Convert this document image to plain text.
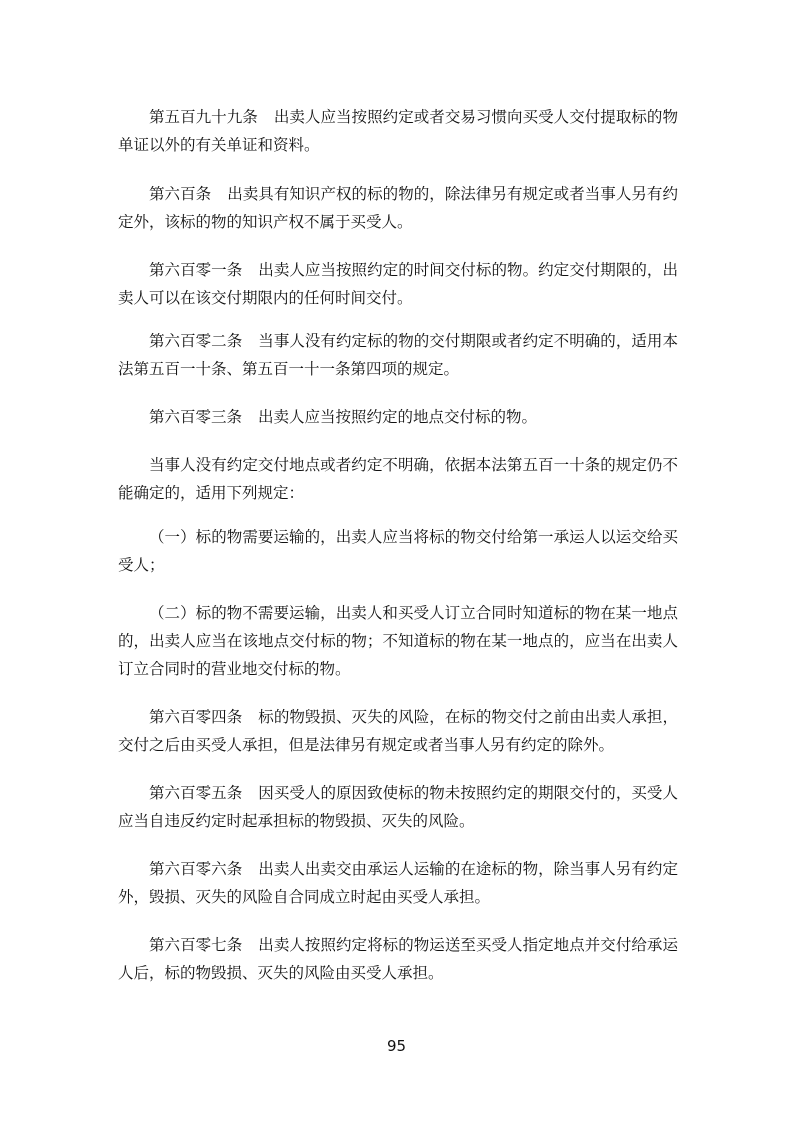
第五百九十九条 出卖人应当按照约定或者交易习惯向买受人交付提取标的物单证以外的有关单证和资料。

第六百条 出卖具有知识产权的标的物的，除法律另有规定或者当事人另有约定外，该标的物的知识产权不属于买受人。

第六百零一条 出卖人应当按照约定的时间交付标的物。约定交付期限的，出卖人可以在该交付期限内的任何时间交付。

第六百零二条 当事人没有约定标的物的交付期限或者约定不明确的，适用本法第五百一十条、第五百一十一条第四项的规定。

第六百零三条 出卖人应当按照约定的地点交付标的物。

当事人没有约定交付地点或者约定不明确，依据本法第五百一十条的规定仍不能确定的，适用下列规定：

（一）标的物需要运输的，出卖人应当将标的物交付给第一承运人以运交给买受人；

（二）标的物不需要运输，出卖人和买受人订立合同时知道标的物在某一地点的，出卖人应当在该地点交付标的物；不知道标的物在某一地点的，应当在出卖人订立合同时的营业地交付标的物。

第六百零四条 标的物毁损、灭失的风险，在标的物交付之前由出卖人承担，交付之后由买受人承担，但是法律另有规定或者当事人另有约定的除外。

第六百零五条 因买受人的原因致使标的物未按照约定的期限交付的，买受人应当自违反约定时起承担标的物毁损、灭失的风险。

第六百零六条 出卖人出卖交由承运人运输的在途标的物，除当事人另有约定外，毁损、灭失的风险自合同成立时起由买受人承担。

第六百零七条 出卖人按照约定将标的物运送至买受人指定地点并交付给承运人后，标的物毁损、灭失的风险由买受人承担。

95
